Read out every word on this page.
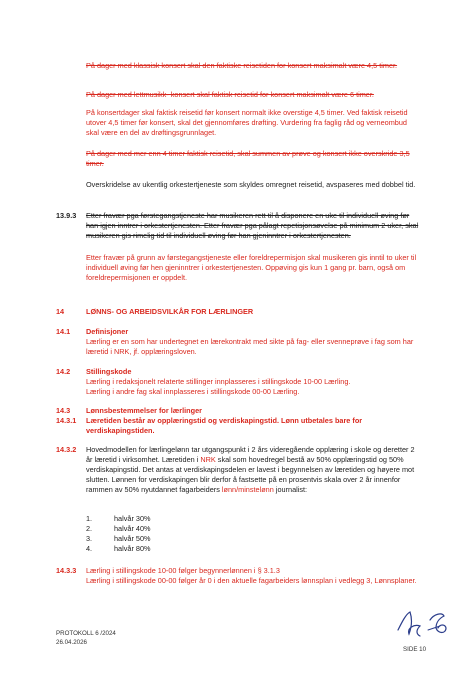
På dager med klassisk konsert skal den faktiske reisetiden for konsert maksimalt være 4,5 timer.
På dager med lettmusikk- konsert skal faktisk reisetid for konsert maksimalt være 6 timer.
På konsertdager skal faktisk reisetid før konsert normalt ikke overstige 4,5 timer. Ved faktisk reisetid utover 4,5 timer før konsert, skal det gjennomføres drøfting. Vurdering fra faglig råd og verneombud skal være en del av drøftingsgrunnlaget.
På dager med mer enn 4 timer faktisk reisetid, skal summen av prøve og konsert ikke overskride 3,5 timer.
Overskridelse av ukentlig orkestertjeneste som skyldes omregnet reisetid, avspaseres med dobbel tid.
13.9.3 Etter fravær pga førstegangstjeneste har musikeren rett til å disponere en uke til individuell øving før han igjen inntrer i orkestertjenesten. Etter fravær pga pålagt repetisjonsøvelse på minimum 2 uker, skal musikeren gis rimelig tid til individuell øving før han gjeninntrer i orkestertjenesten.
Etter fravær på grunn av førstegangstjeneste eller foreldrepermisjon skal musikeren gis inntil to uker til individuell øving før hen gjeninntrer i orkestertjenesten. Oppøving gis kun 1 gang pr. barn, også om foreldrepermisjonen er oppdelt.
14	LØNNS- OG ARBEIDSVILKÅR FOR LÆRLINGER
14.1 Definisjoner
Lærling er en som har undertegnet en lærekontrakt med sikte på fag- eller svenneprøve i fag som har læretid i NRK, jf. opplæringsloven.
14.2 Stillingskode
Lærling i redaksjonelt relaterte stillinger innplasseres i stillingskode 10-00 Lærling.
Lærling i andre fag skal innplasseres i stillingskode 00-00 Lærling.
14.3 Lønnsbestemmelser for lærlinger
14.3.1 Læretiden består av opplæringstid og verdiskapingstid. Lønn utbetales bare for verdiskapingstiden.
14.3.2 Hovedmodellen for lærlingelønn tar utgangspunkt i 2 års videregående opplæring i skole og deretter 2 år læretid i virksomhet. Læretiden i NRK skal som hovedregel bestå av 50% opplæringstid og 50% verdiskapingstid. Det antas at verdiskapingsdelen er lavest i begynnelsen av læretiden og høyere mot slutten. Lønnen for verdiskapingen blir derfor å fastsette på en prosentvis skala over 2 år innenfor rammen av 50% nyutdannet fagarbeiders lønn/minstelønn journalist:
1.	halvår 30%
2.	halvår 40%
3.	halvår 50%
4.	halvår 80%
14.3.3 Lærling i stillingskode 10-00 følger begynnerlønnen i § 3.1.3
Lærling i stillingskode 00-00 følger år 0 i den aktuelle fagarbeiders lønnsplan i vedlegg 3, Lønnsplaner.
PROTOKOLL 6 /2024
26.04.2026
SIDE 10
